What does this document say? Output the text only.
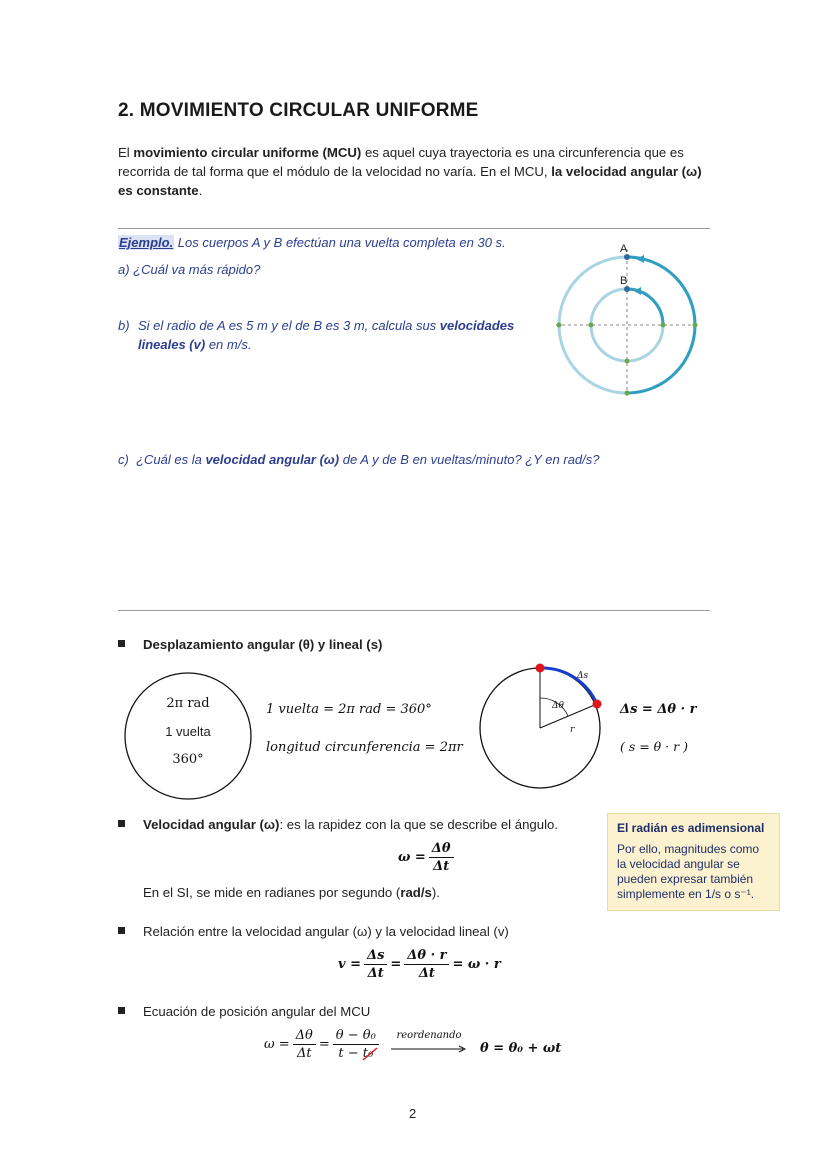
2. MOVIMIENTO CIRCULAR UNIFORME
El movimiento circular uniforme (MCU) es aquel cuya trayectoria es una circunferencia que es recorrida de tal forma que el módulo de la velocidad no varía. En el MCU, la velocidad angular (ω) es constante.
Ejemplo. Los cuerpos A y B efectúan una vuelta completa en 30 s.
a) ¿Cuál va más rápido?
b) Si el radio de A es 5 m y el de B es 3 m, calcula sus velocidades
lineales (v) en m/s.
c) ¿Cuál es la velocidad angular (ω) de A y de B en vueltas/minuto? ¿Y en rad/s?
A
B
Desplazamiento angular (θ) y lineal (s)
2π rad
1 vuelta
360°
1 vuelta = 2π rad = 360°
longitud circunferencia = 2πr
Δs
Δθ
r
Δs = Δθ · r
( s = θ · r )
Velocidad angular (ω): es la rapidez con la que se describe el ángulo.
$\omega = \frac{\Delta\theta}{\Delta t}$
En el SI, se mide en radianes por segundo (rad/s).
El radián es adimensional
Por ello, magnitudes como la velocidad angular se pueden expresar también simplemente en 1/s o s⁻¹.
Relación entre la velocidad angular (ω) y la velocidad lineal (v)
$v = \frac{\Delta s}{\Delta t} = \frac{\Delta\theta \cdot r}{\Delta t} = \omega \cdot r$
Ecuación de posición angular del MCU
$\omega = \frac{\Delta\theta}{\Delta t} = \frac{\text{θ − θ₀}}{\text{t − t₀}}$	reordenando
θ = θ₀ + ωt
2
